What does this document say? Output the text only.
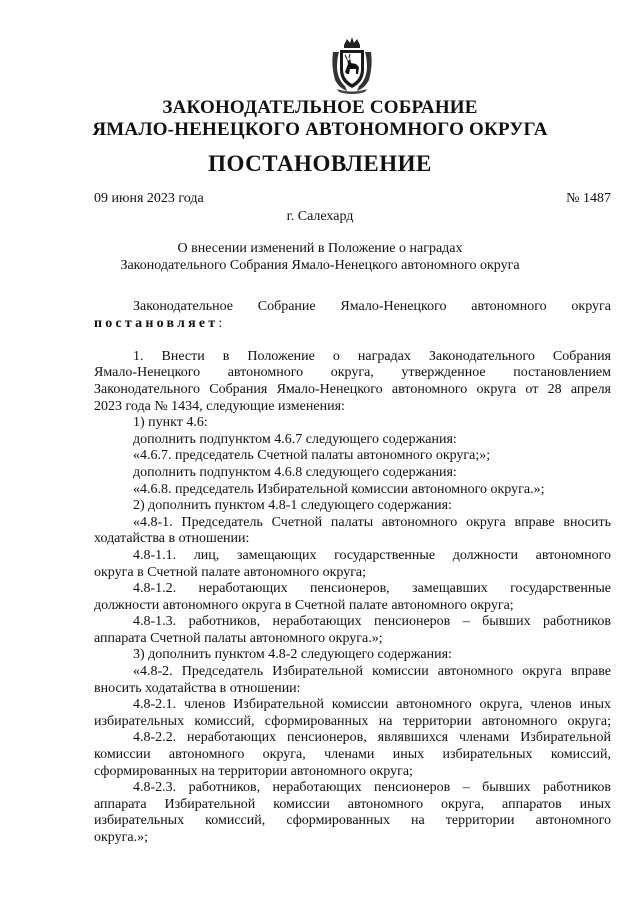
ЗАКОНОДАТЕЛЬНОЕ СОБРАНИЕ
ЯМАЛО-НЕНЕЦКОГО АВТОНОМНОГО ОКРУГА
ПОСТАНОВЛЕНИЕ
09 июня 2023 года	№ 1487
г. Салехард
О внесении изменений в Положение о наградах
Законодательного Собрания Ямало-Ненецкого автономного округа
Законодательное Собрание Ямало-Ненецкого автономного округа
постановляет:
1. Внести в Положение о наградах Законодательного Собрания
Ямало-Ненецкого автономного округа, утвержденное постановлением
Законодательного Собрания Ямало-Ненецкого автономного округа от 28 апреля
2023 года № 1434, следующие изменения:
1) пункт 4.6:
дополнить подпунктом 4.6.7 следующего содержания:
«4.6.7. председатель Счетной палаты автономного округа;»;
дополнить подпунктом 4.6.8 следующего содержания:
«4.6.8. председатель Избирательной комиссии автономного округа.»;
2) дополнить пунктом 4.8-1 следующего содержания:
«4.8-1. Председатель Счетной палаты автономного округа вправе вносить
ходатайства в отношении:
4.8-1.1. лиц, замещающих государственные должности автономного
округа в Счетной палате автономного округа;
4.8-1.2. неработающих пенсионеров, замещавших государственные
должности автономного округа в Счетной палате автономного округа;
4.8-1.3. работников, неработающих пенсионеров – бывших работников
аппарата Счетной палаты автономного округа.»;
3) дополнить пунктом 4.8-2 следующего содержания:
«4.8-2. Председатель Избирательной комиссии автономного округа вправе
вносить ходатайства в отношении:
4.8-2.1. членов Избирательной комиссии автономного округа, членов иных
избирательных комиссий, сформированных на территории автономного округа;
4.8-2.2. неработающих пенсионеров, являвшихся членами Избирательной
комиссии автономного округа, членами иных избирательных комиссий,
сформированных на территории автономного округа;
4.8-2.3. работников, неработающих пенсионеров – бывших работников
аппарата Избирательной комиссии автономного округа, аппаратов иных
избирательных комиссий, сформированных на территории автономного
округа.»;
